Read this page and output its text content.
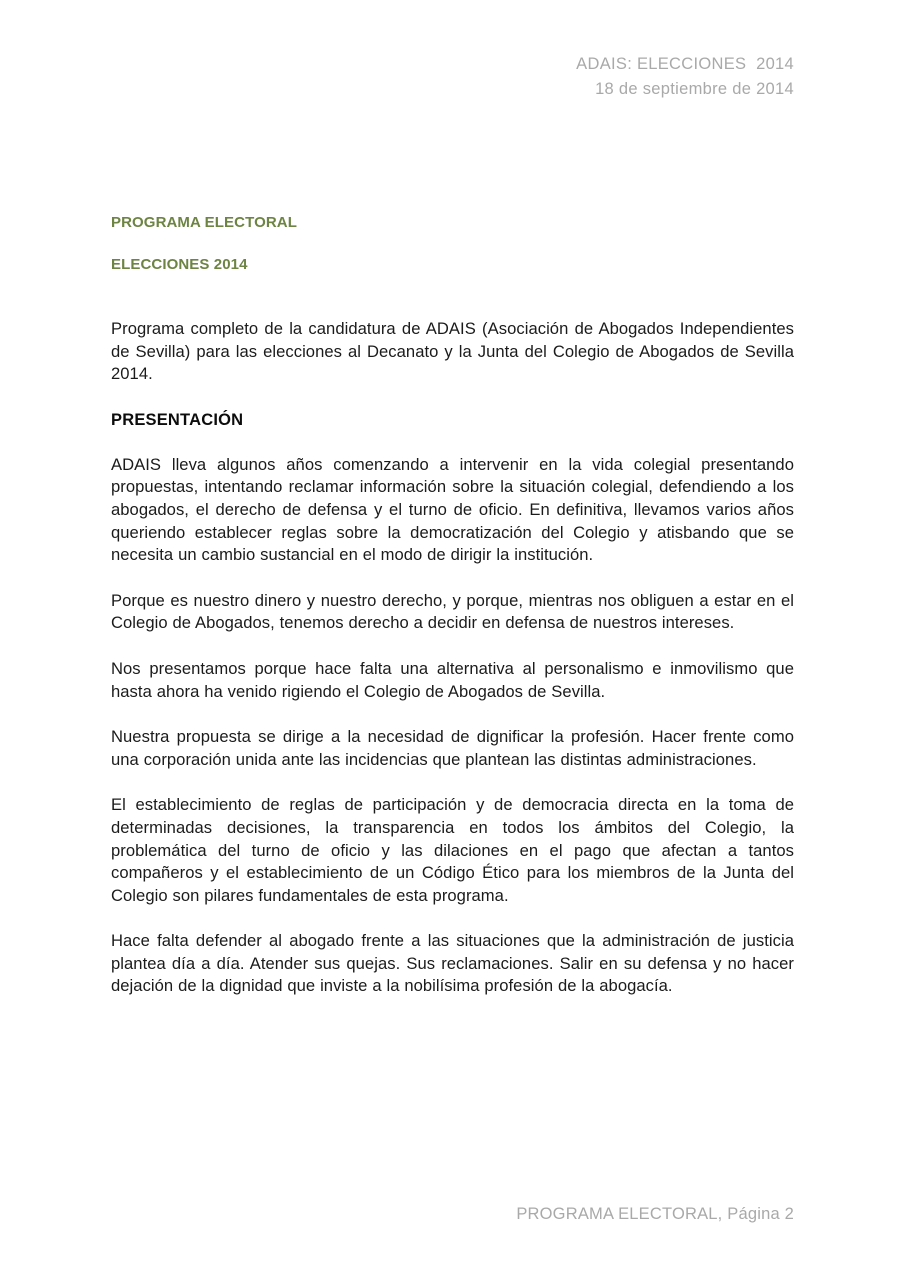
ADAIS: ELECCIONES  2014
18 de septiembre de 2014
PROGRAMA ELECTORAL
ELECCIONES 2014

Programa completo de la candidatura de ADAIS (Asociación de Abogados Independientes de Sevilla) para las elecciones al Decanato y la Junta del Colegio de Abogados de Sevilla 2014.

PRESENTACIÓN

ADAIS lleva algunos años comenzando a intervenir en la vida colegial presentando propuestas, intentando reclamar información sobre la situación colegial, defendiendo a los abogados, el derecho de defensa y el turno de oficio. En definitiva, llevamos varios años queriendo establecer reglas sobre la democratización del Colegio y atisbando que se necesita un cambio sustancial en el modo de dirigir la institución.

Porque es nuestro dinero y nuestro derecho, y porque, mientras nos obliguen a estar en el Colegio de Abogados, tenemos derecho a decidir en defensa de nuestros intereses.

Nos presentamos porque hace falta una alternativa al personalismo e inmovilismo que hasta ahora ha venido rigiendo el Colegio de Abogados de Sevilla.

Nuestra propuesta se dirige a la necesidad de dignificar la profesión. Hacer frente como una corporación unida ante las incidencias que plantean las distintas administraciones.

El establecimiento de reglas de participación y de democracia directa en la toma de determinadas decisiones, la transparencia en todos los ámbitos del Colegio, la problemática del turno de oficio y las dilaciones en el pago que afectan a tantos compañeros y el establecimiento de un Código Ético para los miembros de la Junta del Colegio son pilares fundamentales de esta programa.

Hace falta defender al abogado frente a las situaciones que la administración de justicia plantea día a día. Atender sus quejas. Sus reclamaciones. Salir en su defensa y no hacer dejación de la dignidad que inviste a la nobilísima profesión de la abogacía.

PROGRAMA ELECTORAL, Página 2
